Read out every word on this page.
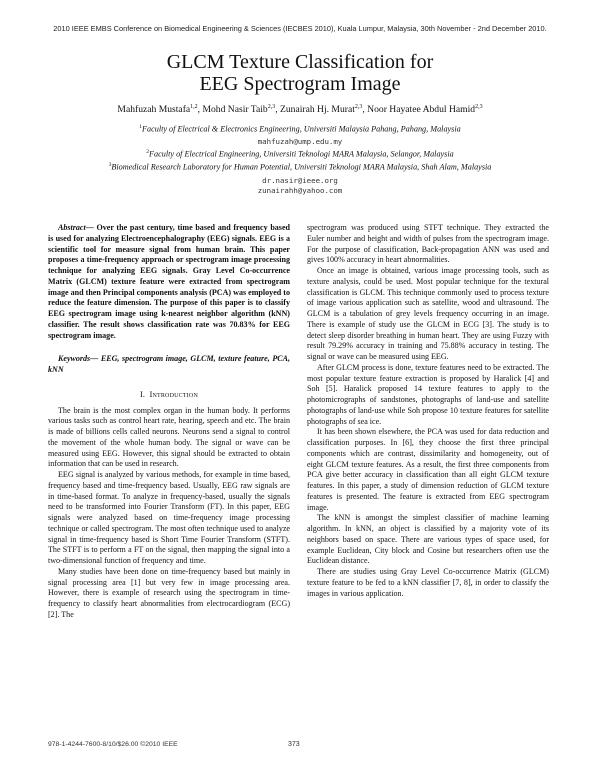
2010 IEEE EMBS Conference on Biomedical Engineering & Sciences (IECBES 2010), Kuala Lumpur, Malaysia, 30th November - 2nd December 2010.
GLCM Texture Classification for
EEG Spectrogram Image
Mahfuzah Mustafa$^{1,2}$, Mohd Nasir Taib$^{2,3}$, Zunairah Hj. Murat$^{2,3}$, Noor Hayatee Abdul Hamid$^{2,3}$
$^1$Faculty of Electrical & Electronics Engineering, Universiti Malaysia Pahang, Pahang, Malaysia
mahfuzah@ump.edu.my
$^2$Faculty of Electrical Engineering, Universiti Teknologi MARA Malaysia, Selangor, Malaysia
$^3$Biomedical Research Laboratory for Human Potential, Universiti Teknologi MARA Malaysia, Shah Alam, Malaysia
dr.nasir@ieee.org
zunairahh@yahoo.com

Abstract— Over the past century, time based and frequency based is used for analyzing Electroencephalography (EEG) signals. EEG is a scientific tool for measure signal from human brain. This paper proposes a time-frequency approach or spectrogram image processing technique for analyzing EEG signals. Gray Level Co-occurrence Matrix (GLCM) texture feature were extracted from spectrogram image and then Principal components analysis (PCA) was employed to reduce the feature dimension. The purpose of this paper is to classify EEG spectrogram image using k-nearest neighbor algorithm (kNN) classifier. The result shows classification rate was 70.83% for EEG spectrogram image.

Keywords— EEG, spectrogram image, GLCM, texture feature, PCA, kNN

I. Introduction

The brain is the most complex organ in the human body. It performs various tasks such as control heart rate, hearing, speech and etc. The brain is made of billions cells called neurons. Neurons send a signal to control the movement of the whole human body. The signal or wave can be measured using EEG. However, this signal should be extracted to obtain information that can be used in research.

EEG signal is analyzed by various methods, for example in time based, frequency based and time-frequency based. Usually, EEG raw signals are in time-based format. To analyze in frequency-based, usually the signals need to be transformed into Fourier Transform (FT). In this paper, EEG signals were analyzed based on time-frequency image processing technique or called spectrogram. The most often technique used to analyze signal in time-frequency based is Short Time Fourier Transform (STFT). The STFT is to perform a FT on the signal, then mapping the signal into a two-dimensional function of frequency and time.

Many studies have been done on time-frequency based but mainly in signal processing area [1] but very few in image processing area. However, there is example of research using the spectrogram in time-frequency to classify heart abnormalities from electrocardiogram (ECG) [2]. The

spectrogram was produced using STFT technique. They extracted the Euler number and height and width of pulses from the spectrogram image. For the purpose of classification, Back-propagation ANN was used and gives 100% accuracy in heart abnormalities.

Once an image is obtained, various image processing tools, such as texture analysis, could be used. Most popular technique for the textural classification is GLCM. This technique commonly used to process texture of image various application such as satellite, wood and ultrasound. The GLCM is a tabulation of grey levels frequency occurring in an image. There is example of study use the GLCM in ECG [3]. The study is to detect sleep disorder breathing in human heart. They are using Fuzzy with result 79.29% accuracy in training and 75.88% accuracy in testing. The signal or wave can be measured using EEG.

After GLCM process is done, texture features need to be extracted. The most popular texture feature extraction is proposed by Haralick [4] and Soh [5]. Haralick proposed 14 texture features to apply to the photomicrographs of sandstones, photographs of land-use and satellite photographs of land-use while Soh propose 10 texture features for satellite photographs of sea ice.

It has been shown elsewhere, the PCA was used for data reduction and classification purposes. In [6], they choose the first three principal components which are contrast, dissimilarity and homogeneity, out of eight GLCM texture features. As a result, the first three components from PCA give better accuracy in classification than all eight GLCM texture features. In this paper, a study of dimension reduction of GLCM texture features is presented. The feature is extracted from EEG spectrogram image.

The kNN is amongst the simplest classifier of machine learning algorithm. In kNN, an object is classified by a majority vote of its neighbors based on space. There are various types of space used, for example Euclidean, City block and Cosine but researchers often use the Euclidean distance.

There are studies using Gray Level Co-occurrence Matrix (GLCM) texture feature to be fed to a kNN classifier [7, 8], in order to classify the images in various application.

978-1-4244-7600-8/10/$26.00 ©2010 IEEE	373
